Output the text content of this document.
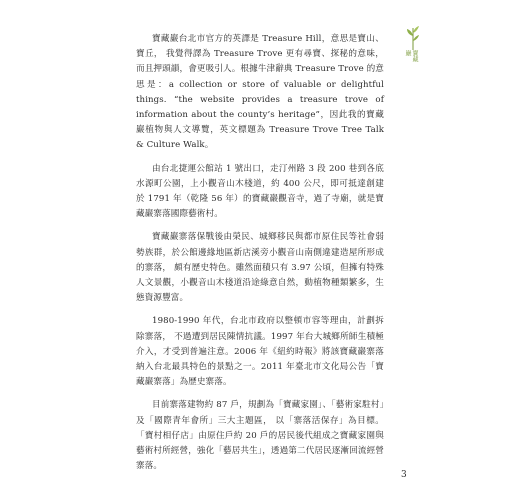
寶藏巖

寶藏巖台北市官方的英譯是 Treasure Hill，意思是寶山、寶丘， 我覺得譯為 Treasure Trove 更有尋寶、探秘的意味，而且押頭韻，會更吸引人。根據牛津辭典 Treasure Trove 的意思是：a collection or store of valuable or delightful things. “the website provides a treasure trove of information about the county’s heritage”，因此我的寶藏巖植物與人文導覽，英文標題為 Treasure Trove Tree Talk & Culture Walk。

由台北捷運公館站 1 號出口，走汀州路 3 段 200 巷到各底水源町公園，上小觀音山木棧道，約 400 公尺，即可抵達創建於 1791 年（乾隆 56 年）的寶藏巖觀音寺，過了寺廟，就是寶藏巖寨落國際藝術村。

寶藏巖寨落保戰後由榮民、城鄉移民與都市原住民等社會弱勢族群，於公館邊緣地區新店溪旁小觀音山南側違建造屋所形成的寨落， 頗有歷史特色。雖然面積只有 3.97 公頃，但擁有特殊人文景觀，小觀音山木棧道沿途綠意自然，動植物種類繁多，生態資源豐富。

1980-1990 年代，台北市政府以整頓市容等理由，計劃拆除寨落， 不過遭到居民陳情抗議。1997 年台大城鄉所師生積極介入，才受到普遍注意。2006 年《紐約時報》將該寶藏巖寨落納入台北最具特色的景點之一。2011 年臺北市文化局公告「寶藏巖寨落」為歷史寨落。

目前寨落建物約 87 戶，規劃為「寶藏家園」、「藝術家駐村」及「國際青年會所」三大主題區， 以「寨落活保存」為目標。「寶村相仔店」由原住戶約 20 戶的居民後代組成之寶藏家園與藝術村所經營，強化「藝居共生」，透過第二代居民逐漸回流經營寨落。

3
